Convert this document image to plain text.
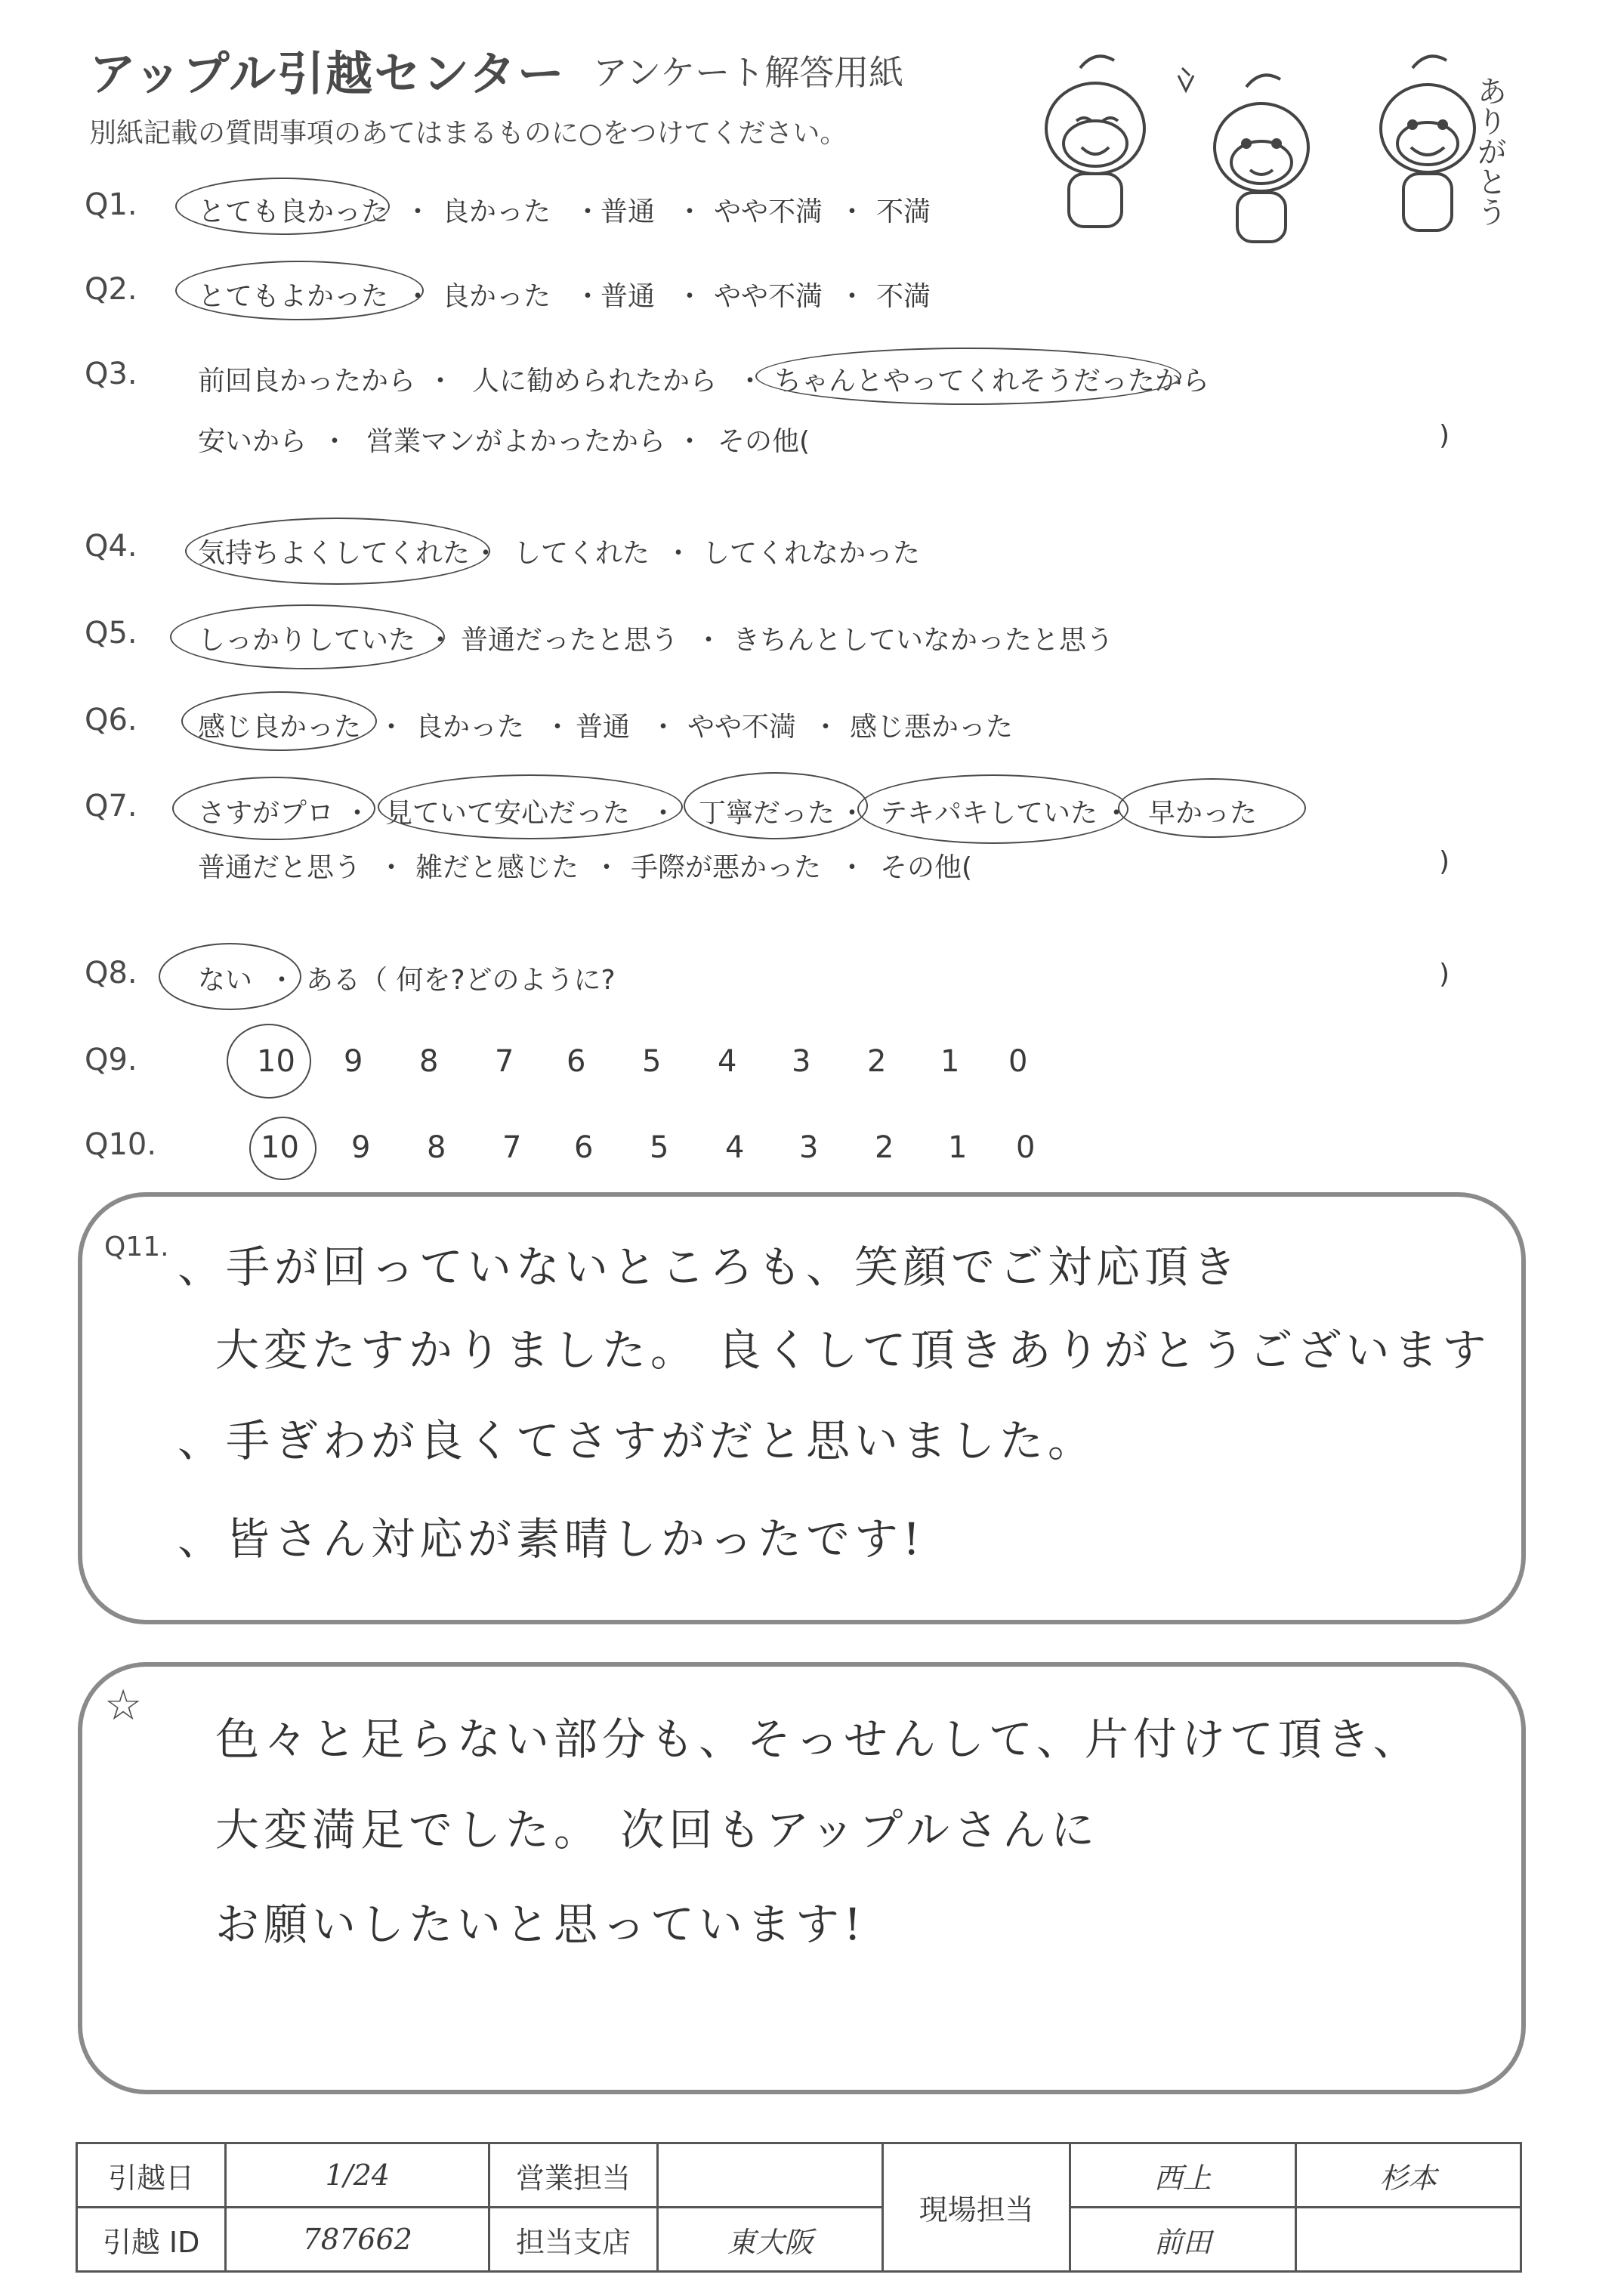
アップル引越センター アンケート解答用紙
別紙記載の質問事項のあてはまるものに○をつけてください。	ありがとう
Q1. とても良かった ・ 良かった ・
普通 ・ やや不満 ・ 不満
Q2. とてもよかった ・ 良かった ・
普通 ・ やや不満 ・ 不満
Q3. 前回良かったから ・ 人に勧められたから ・ ちゃんとやってくれそうだったから
安いから ・ 営業マンがよかったから ・ その他(	)
Q4. 気持ちよくしてくれた ・ してくれた ・ してくれなかった
Q5. しっかりしていた ・ 普通だったと思う ・ きちんとしていなかったと思う
Q6. 感じ良かった ・ 良かった ・ 普通 ・ やや不満 ・ 感じ悪かった
Q7. さすがプロ ・ 見ていて安心だった ・ 丁寧だった ・ テキパキしていた ・ 早かった
普通だと思う ・ 雑だと感じた ・ 手際が悪かった ・ その他(	)
Q8. ない ・ ある（ 何を?どのように?	)
Q9.	10 9 8 7 6 5 4 3 2 1 0
Q10.	10 9 8 7 6 5 4 3 2 1 0
Q11. 、手が回っていないところも、笑顔でご対応頂き
大変たすかりました。 良くして頂きありがとうございます
、手ぎわが良くてさすがだと思いました。
、皆さん対応が素晴しかったです!
☆
色々と足らない部分も、そっせんして、片付けて頂き、
大変満足でした。 次回もアップルさんに
お願いしたいと思っています!
引越日	1/24	営業担当		現場担当	西上	杉本
引越 ID	787662	担当支店	東大阪		前田	
